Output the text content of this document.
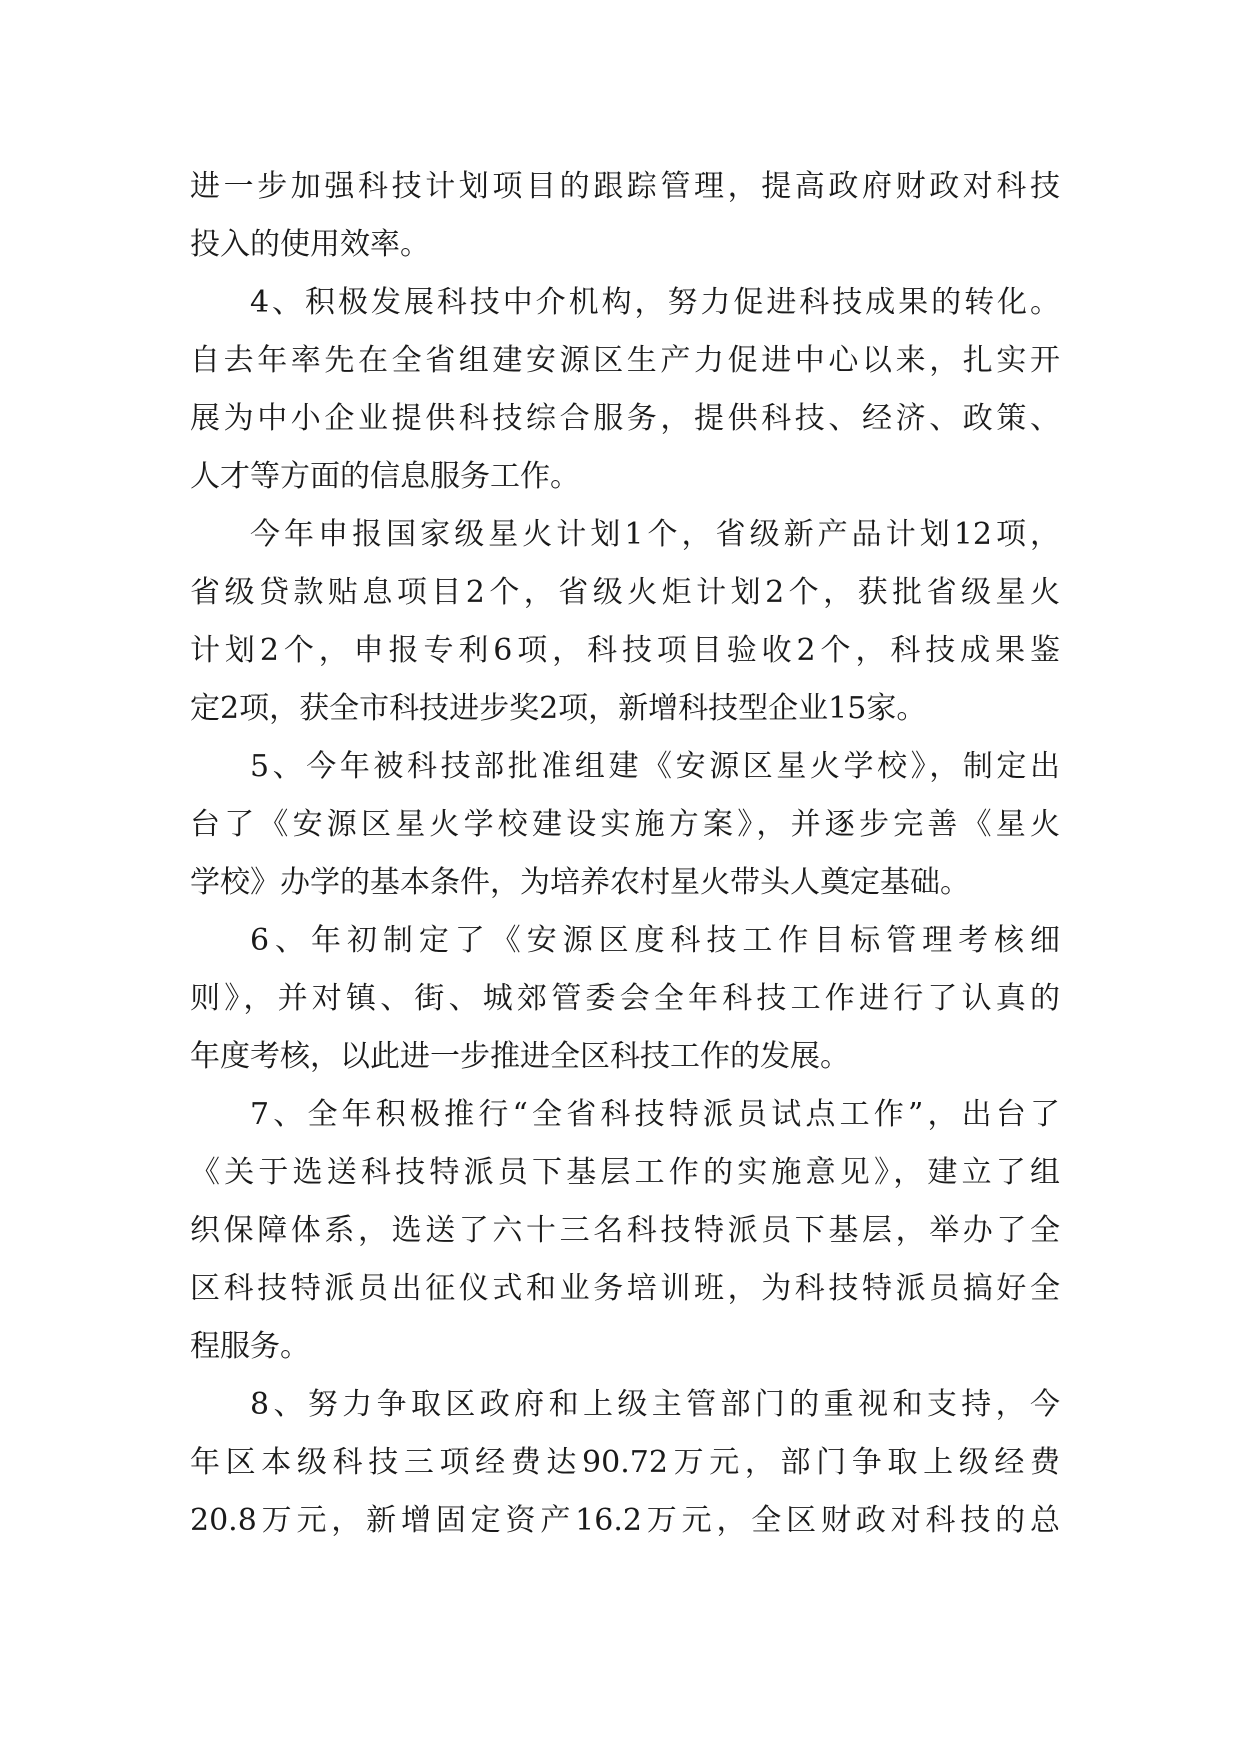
进一步加强科技计划项目的跟踪管理，提高政府财政对科技
投入的使用效率。
4、积极发展科技中介机构，努力促进科技成果的转化。
自去年率先在全省组建安源区生产力促进中心以来，扎实开
展为中小企业提供科技综合服务，提供科技、经济、政策、
人才等方面的信息服务工作。
今年申报国家级星火计划1个，省级新产品计划12项，
省级贷款贴息项目2个，省级火炬计划2个，获批省级星火
计划2个，申报专利6项，科技项目验收2个，科技成果鉴
定2项，获全市科技进步奖2项，新增科技型企业15家。
5、今年被科技部批准组建《安源区星火学校》，制定出
台了《安源区星火学校建设实施方案》，并逐步完善《星火
学校》办学的基本条件，为培养农村星火带头人奠定基础。
6、年初制定了《安源区度科技工作目标管理考核细
则》，并对镇、街、城郊管委会全年科技工作进行了认真的
年度考核，以此进一步推进全区科技工作的发展。
7、全年积极推行“全省科技特派员试点工作”，出台了
《关于选送科技特派员下基层工作的实施意见》，建立了组
织保障体系，选送了六十三名科技特派员下基层，举办了全
区科技特派员出征仪式和业务培训班，为科技特派员搞好全
程服务。
8、努力争取区政府和上级主管部门的重视和支持，今
年区本级科技三项经费达90.72万元，部门争取上级经费
20.8万元，新增固定资产16.2万元，全区财政对科技的总
